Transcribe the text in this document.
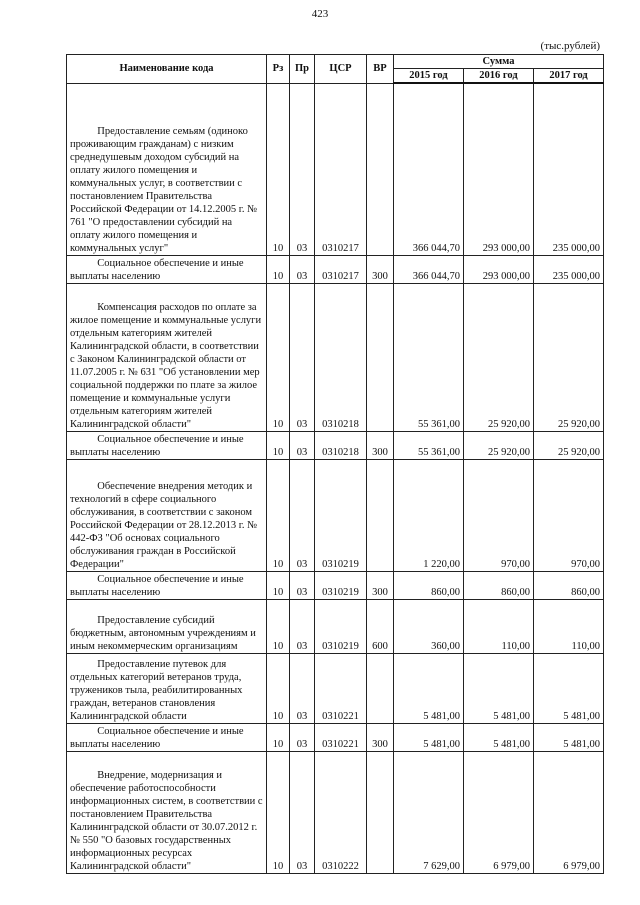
423
(тыс.рублей)
Наименование кода	Рз	Пр	ЦСР	ВР	Сумма		
					2015 год	2016 год	2017 год

Предоставление семьям (одиноко проживающим гражданам) с низким среднедушевым доходом субсидий на оплату жилого помещения и коммунальных услуг, в соответствии с постановлением Правительства Российской Федерации от 14.12.2005 г. № 761 "О предоставлении субсидий на оплату жилого помещения и коммунальных услуг"	10	03	0310217		366 044,70	293 000,00	235 000,00

Социальное обеспечение и иные выплаты населению	10	03	0310217	300	366 044,70	293 000,00	235 000,00

Компенсация расходов по оплате за жилое помещение и коммунальные услуги отдельным категориям жителей Калининградской области, в соответствии с Законом Калининградской области от 11.07.2005 г. № 631 "Об установлении мер социальной поддержки по плате за жилое помещение и коммунальные услуги отдельным категориям жителей Калининградской области"	10	03	0310218		55 361,00	25 920,00	25 920,00

Социальное обеспечение и иные выплаты населению	10	03	0310218	300	55 361,00	25 920,00	25 920,00

Обеспечение внедрения методик и технологий в сфере социального обслуживания, в соответствии с законом Российской Федерации от 28.12.2013 г. № 442-ФЗ "Об основах социального обслуживания граждан в Российской Федерации"	10	03	0310219		1 220,00	970,00	970,00

Социальное обеспечение и иные выплаты населению	10	03	0310219	300	860,00	860,00	860,00

Предоставление субсидий бюджетным, автономным учреждениям и иным некоммерческим организациям	10	03	0310219	600	360,00	110,00	110,00

Предоставление путевок для отдельных категорий ветеранов труда, тружеников тыла, реабилитированных граждан, ветеранов становления Калининградской области	10	03	0310221		5 481,00	5 481,00	5 481,00

Социальное обеспечение и иные выплаты населению	10	03	0310221	300	5 481,00	5 481,00	5 481,00

Внедрение, модернизация и обеспечение работоспособности информационных систем, в соответствии с постановлением Правительства Калининградской области от 30.07.2012 г. № 550 "О базовых государственных информационных ресурсах Калининградской области"	10	03	0310222		7 629,00	6 979,00	6 979,00
